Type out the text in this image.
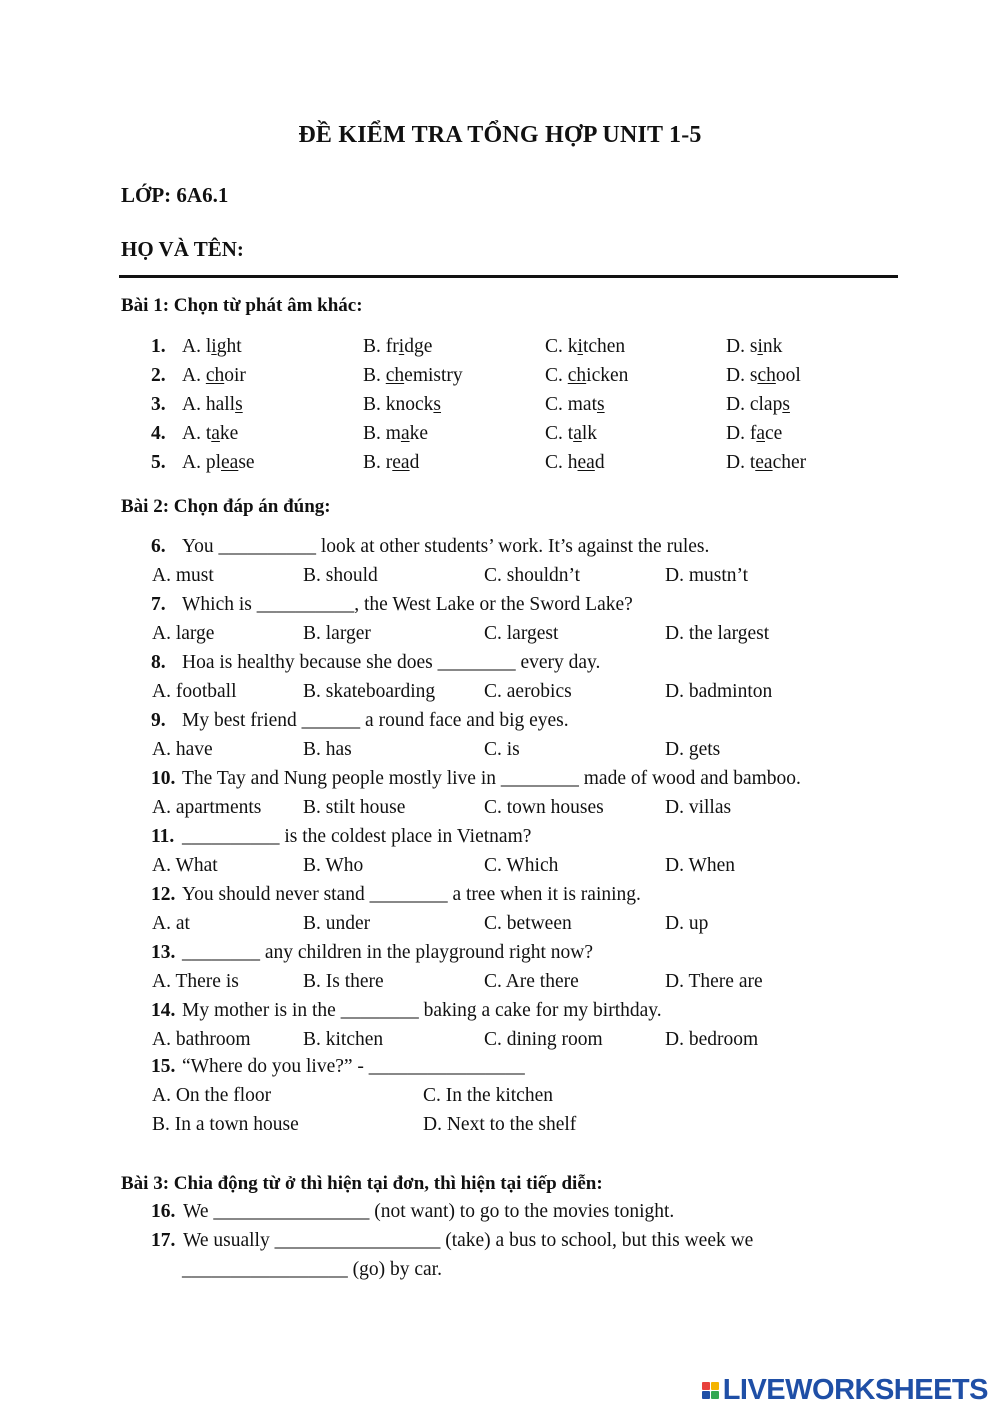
ĐỀ KIỂM TRA TỔNG HỢP UNIT 1-5
LỚP: 6A6.1
HỌ VÀ TÊN:
Bài 1: Chọn từ phát âm khác:
1. A. light	B. fridge	C. kitchen	D. sink
2. A. choir	B. chemistry	C. chicken	D. school
3. A. halls	B. knocks	C. mats	D. claps
4. A. take	B. make	C. talk	D. face
5. A. please	B. read	C. head	D. teacher
Bài 2: Chọn đáp án đúng:
6. You __________ look at other students’ work. It’s against the rules.
A. must	B. should	C. shouldn’t	D. mustn’t
7. Which is __________, the West Lake or the Sword Lake?
A. large	B. larger	C. largest	D. the largest
8. Hoa is healthy because she does ________ every day.
A. football	B. skateboarding	C. aerobics	D. badminton
9. My best friend ______ a round face and big eyes.
A. have	B. has	C. is	D. gets
10. The Tay and Nung people mostly live in ________ made of wood and bamboo.
A. apartments B. stilt house	C. town houses	D. villas
11. __________ is the coldest place in Vietnam?
A. What	B. Who	C. Which	D. When
12. You should never stand ________ a tree when it is raining.
A. at	B. under	C. between	D. up
13. ________ any children in the playground right now?
A. There is	B. Is there	C. Are there	D. There are
14. My mother is in the ________ baking a cake for my birthday.
A. bathroom	B. kitchen	C. dining room	D. bedroom
15. “Where do you live?” - ________________
A. On the floor	C. In the kitchen
B. In a town house	D. Next to the shelf
Bài 3: Chia động từ ở thì hiện tại đơn, thì hiện tại tiếp diễn:
16. We ________________ (not want) to go to the movies tonight.
17. We usually _________________ (take) a bus to school, but this week we
_________________ (go) by car.
LIVEWORKSHEETS
